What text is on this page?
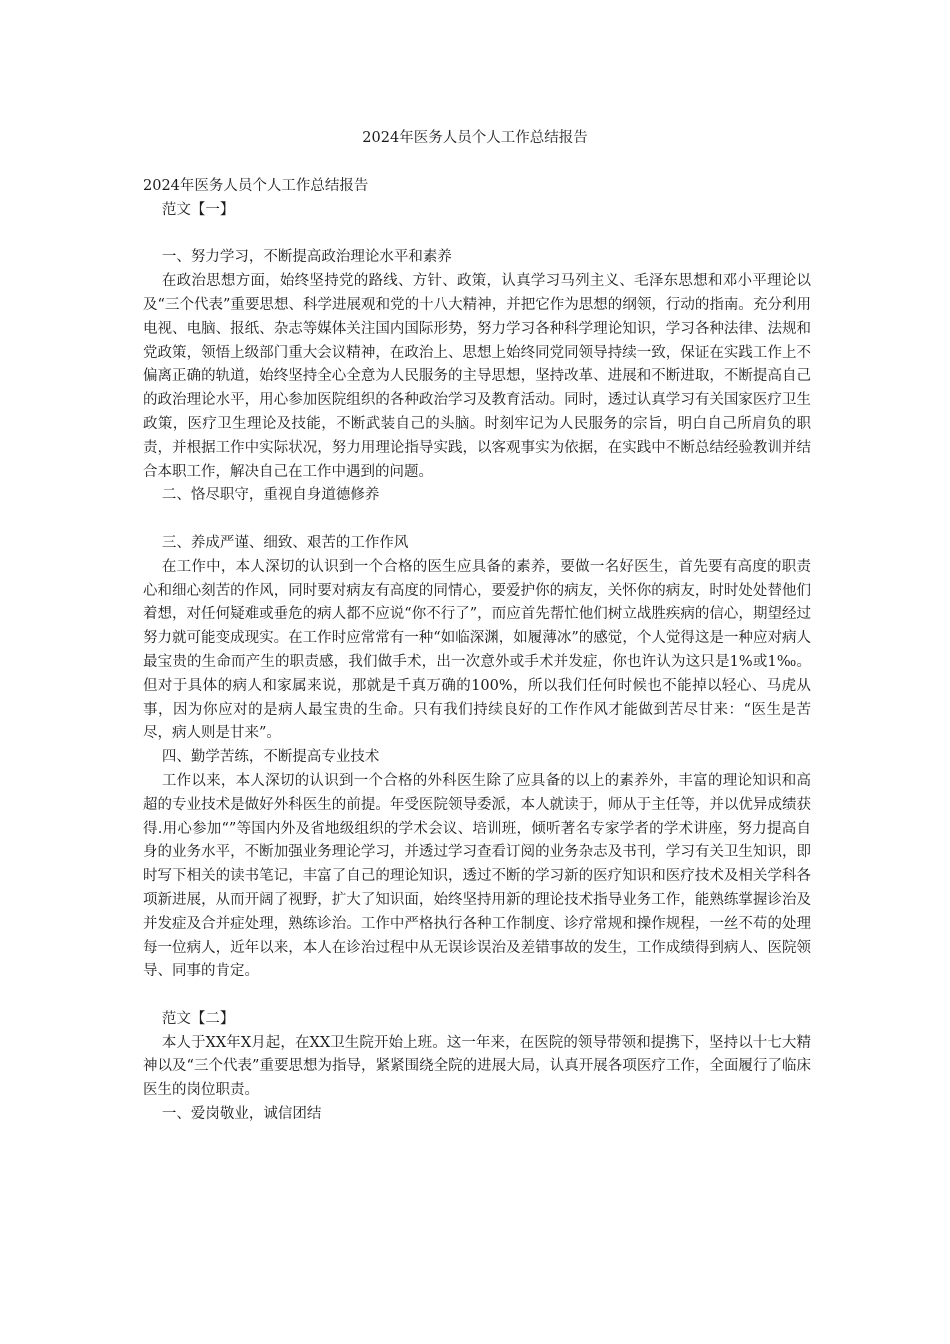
2024年医务人员个人工作总结报告

2024年医务人员个人工作总结报告

范文【一】

一、努力学习，不断提高政治理论水平和素养

在政治思想方面，始终坚持党的路线、方针、政策，认真学习马列主义、毛泽东思想和邓小平理论以及“三个代表”重要思想、科学进展观和党的十八大精神，并把它作为思想的纲领，行动的指南。充分利用电视、电脑、报纸、杂志等媒体关注国内国际形势，努力学习各种科学理论知识，学习各种法律、法规和党政策，领悟上级部门重大会议精神，在政治上、思想上始终同党同领导持续一致，保证在实践工作上不偏离正确的轨道，始终坚持全心全意为人民服务的主导思想，坚持改革、进展和不断进取，不断提高自己的政治理论水平，用心参加医院组织的各种政治学习及教育活动。同时，透过认真学习有关国家医疗卫生政策，医疗卫生理论及技能，不断武装自己的头脑。时刻牢记为人民服务的宗旨，明白自己所肩负的职责，并根据工作中实际状况，努力用理论指导实践，以客观事实为依据，在实践中不断总结经验教训并结合本职工作，解决自己在工作中遇到的问题。

二、恪尽职守，重视自身道德修养

三、养成严谨、细致、艰苦的工作作风

在工作中，本人深切的认识到一个合格的医生应具备的素养，要做一名好医生，首先要有高度的职责心和细心刻苦的作风，同时要对病友有高度的同情心，要爱护你的病友，关怀你的病友，时时处处替他们着想，对任何疑难或垂危的病人都不应说“你不行了”，而应首先帮忙他们树立战胜疾病的信心，期望经过努力就可能变成现实。在工作时应常常有一种“如临深渊，如履薄冰”的感觉，个人觉得这是一种应对病人最宝贵的生命而产生的职责感，我们做手术，出一次意外或手术并发症，你也许认为这只是1%或1‰。但对于具体的病人和家属来说，那就是千真万确的100%，所以我们任何时候也不能掉以轻心、马虎从事，因为你应对的是病人最宝贵的生命。只有我们持续良好的工作作风才能做到苦尽甘来：“医生是苦尽，病人则是甘来”。

四、勤学苦练，不断提高专业技术

工作以来，本人深切的认识到一个合格的外科医生除了应具备的以上的素养外，丰富的理论知识和高超的专业技术是做好外科医生的前提。年受医院领导委派，本人就读于，师从于主任等，并以优异成绩获得.用心参加“”等国内外及省地级组织的学术会议、培训班，倾听著名专家学者的学术讲座，努力提高自身的业务水平，不断加强业务理论学习，并透过学习查看订阅的业务杂志及书刊，学习有关卫生知识，即时写下相关的读书笔记，丰富了自己的理论知识，透过不断的学习新的医疗知识和医疗技术及相关学科各项新进展，从而开阔了视野，扩大了知识面，始终坚持用新的理论技术指导业务工作，能熟练掌握诊治及并发症及合并症处理，熟练诊治。工作中严格执行各种工作制度、诊疗常规和操作规程，一丝不苟的处理每一位病人，近年以来，本人在诊治过程中从无误诊误治及差错事故的发生，工作成绩得到病人、医院领导、同事的肯定。

范文【二】

本人于XX年X月起，在XX卫生院开始上班。这一年来，在医院的领导带领和提携下，坚持以十七大精神以及“三个代表”重要思想为指导，紧紧围绕全院的进展大局，认真开展各项医疗工作，全面履行了临床医生的岗位职责。

一、爱岗敬业，诚信团结
